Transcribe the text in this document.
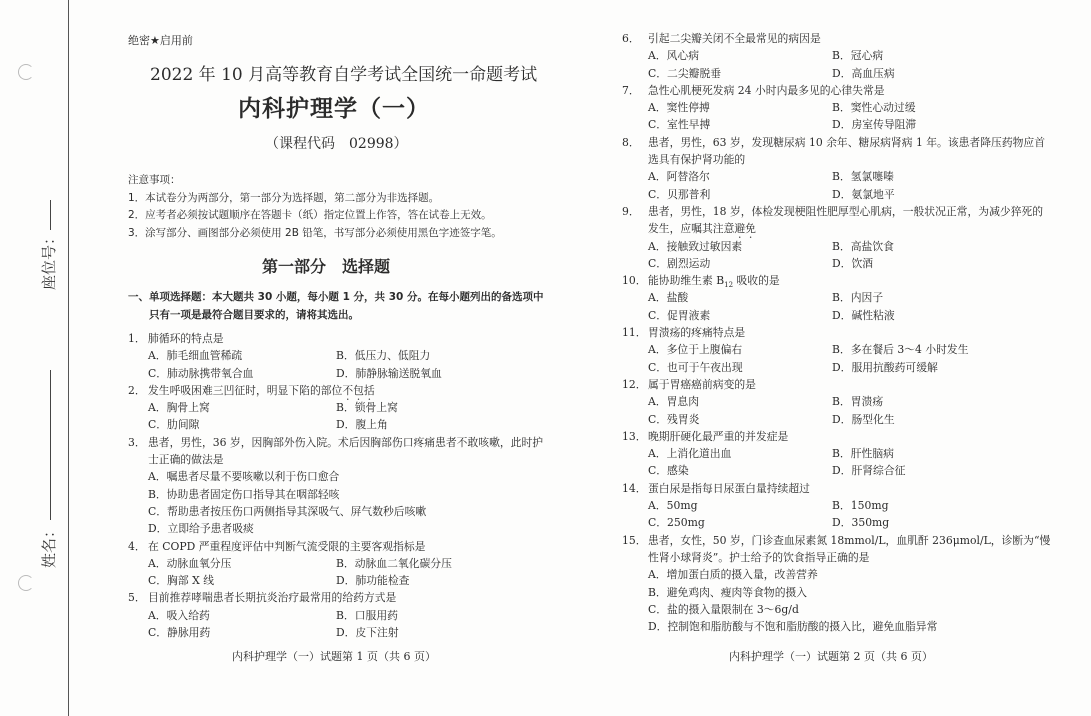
座位号：
姓名：
绝密★启用前
2022 年 10 月高等教育自学考试全国统一命题考试
内科护理学（一）
（课程代码　02998）
注意事项：
1．本试卷分为两部分，第一部分为选择题，第二部分为非选择题。
2．应考者必须按试题顺序在答题卡（纸）指定位置上作答，答在试卷上无效。
3．涂写部分、画图部分必须使用 2B 铅笔，书写部分必须使用黑色字迹签字笔。
第一部分　选择题
一、单项选择题：本大题共 30 小题，每小题 1 分，共 30 分。在每小题列出的备选项中
　　只有一项是最符合题目要求的，请将其选出。
1． 肺循环的特点是
A．肺毛细血管稀疏	B．低压力、低阻力
C．肺动脉携带氧合血	D．肺静脉输送脱氧血
2． 发生呼吸困难三凹征时，明显下陷的部位不包括
A．胸骨上窝	B．锁骨上窝
C．肋间隙	D．腹上角
3． 患者，男性，36 岁，因胸部外伤入院。术后因胸部伤口疼痛患者不敢咳嗽，此时护
士正确的做法是
A．嘱患者尽量不要咳嗽以利于伤口愈合
B．协助患者固定伤口指导其在咽部轻咳
C．帮助患者按压伤口两侧指导其深吸气、屏气数秒后咳嗽
D．立即给予患者吸痰
4． 在 COPD 严重程度评估中判断气流受限的主要客观指标是
A．动脉血氧分压	B．动脉血二氧化碳分压
C．胸部 X 线	D．肺功能检查
5． 目前推荐哮喘患者长期抗炎治疗最常用的给药方式是
A．吸入给药	B．口服用药
C．静脉用药	D．皮下注射
6． 引起二尖瓣关闭不全最常见的病因是
A．风心病	B．冠心病
C．二尖瓣脱垂	D．高血压病
7． 急性心肌梗死发病 24 小时内最多见的心律失常是
A．窦性停搏	B．窦性心动过缓
C．室性早搏	D．房室传导阻滞
8． 患者，男性，63 岁，发现糖尿病 10 余年、糖尿病肾病 1 年。该患者降压药物应首
选具有保护肾功能的
A．阿替洛尔	B．氢氯噻嗪
C．贝那普利	D．氨氯地平
9． 患者，男性，18 岁，体检发现梗阻性肥厚型心肌病，一般状况正常，为减少猝死的
发生，应嘱其注意避免
A．接触致过敏因素	B．高盐饮食
C．剧烈运动	D．饮酒
10．能协助维生素 $B_{12}$ 吸收的是
A．盐酸	B．内因子
C．促胃液素	D．碱性粘液
11．胃溃疡的疼痛特点是
A．多位于上腹偏右	B．多在餐后 3～4 小时发生
C．也可于午夜出现	D．服用抗酸药可缓解
12．属于胃癌癌前病变的是
A．胃息肉	B．胃溃疡
C．残胃炎	D．肠型化生
13．晚期肝硬化最严重的并发症是
A．上消化道出血	B．肝性脑病
C．感染	D．肝肾综合征
14．蛋白尿是指每日尿蛋白量持续超过
A．50mg	B．150mg
C．250mg	D．350mg
15．患者，女性，50 岁，门诊查血尿素氮 18mmol/L，血肌酐 236μmol/L，诊断为“慢
性肾小球肾炎”。护士给予的饮食指导正确的是
A．增加蛋白质的摄入量，改善营养
B．避免鸡肉、瘦肉等食物的摄入
C．盐的摄入量限制在 3～6g/d
D．控制饱和脂肪酸与不饱和脂肪酸的摄入比，避免血脂异常
内科护理学（一）试题第 1 页（共 6 页）	内科护理学（一）试题第 2 页（共 6 页）
